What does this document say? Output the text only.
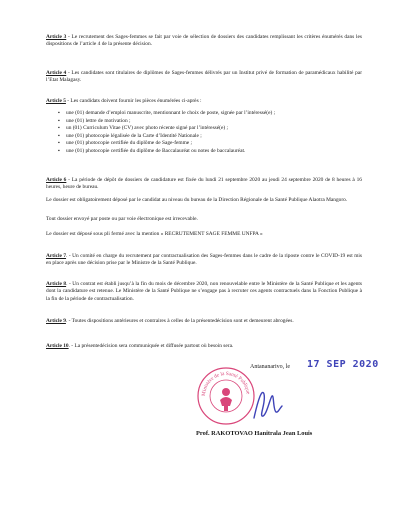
Article 3 - Le recrutement des Sages-femmes se fait par voie de sélection de dossiers des candidates remplissant les critères énumérés dans les dispositions de l’article 4 de la présente décision.
Article 4 - Les candidates sont titulaires de diplômes de Sages-femmes délivrés par un Institut privé de formation de paramédicaux habilité par l’Etat Malagasy.
Article 5 - Les candidats doivent fournir les pièces énumérées ci-après :
▪ une (01) demande d’emploi manuscrite, mentionnant le choix de poste, signée par l’intéressé(e) ;
▪ une (01) lettre de motivation ;
▪ un (01) Curriculum Vitae (CV) avec photo récente signé par l’intéressé(e) ;
▪ une (01) photocopie légalisée de la Carte d’Identité Nationale ;
▪ une (01) photocopie certifiée du diplôme de Sage-femme ;
▪ une (01) photocopie certifiée du diplôme de Baccalauréat ou notes de baccalauréat.
Article 6 - La période de dépôt de dossiers de candidature est fixée du lundi 21 septembre 2020 au jeudi 24 septembre 2020 de 8 heures à 16 heures, heure de bureau.
Le dossier est obligatoirement déposé par le candidat au niveau du bureau de la Direction Régionale de la Santé Publique Alaotra Mangoro.
Tout dossier envoyé par poste ou par voie électronique est irrecevable.
Le dossier est déposé sous pli fermé avec la mention « RECRUTEMENT SAGE FEMME UNFPA »
Article 7. - Un comité en charge du recrutement par contractualisation des Sages-femmes dans le cadre de la riposte contre le COVID-19 est mis en place après une décision prise par le Ministre de la Santé Publique.
Article 8. - Un contrat est établi jusqu’à la fin du mois de décembre 2020, non renouvelable entre le Ministère de la Santé Publique et les agents dont la candidature est retenue. Le Ministère de la Santé Publique ne s’engage pas à recruter ces agents contractuels dans la Fonction Publique à la fin de la période de contractualisation.
Article 9. - Toutes dispositions antérieures et contraires à celles de la présentedécision sont et demeurent abrogées.
Article 10. - La présentedécision sera communiquée et diffusée partout où besoin sera.
Antananarivo, le 17 SEP 2020
Ministère de la Santé Publique
Prof. RAKOTOVAO Hanitrala Jean Louis
